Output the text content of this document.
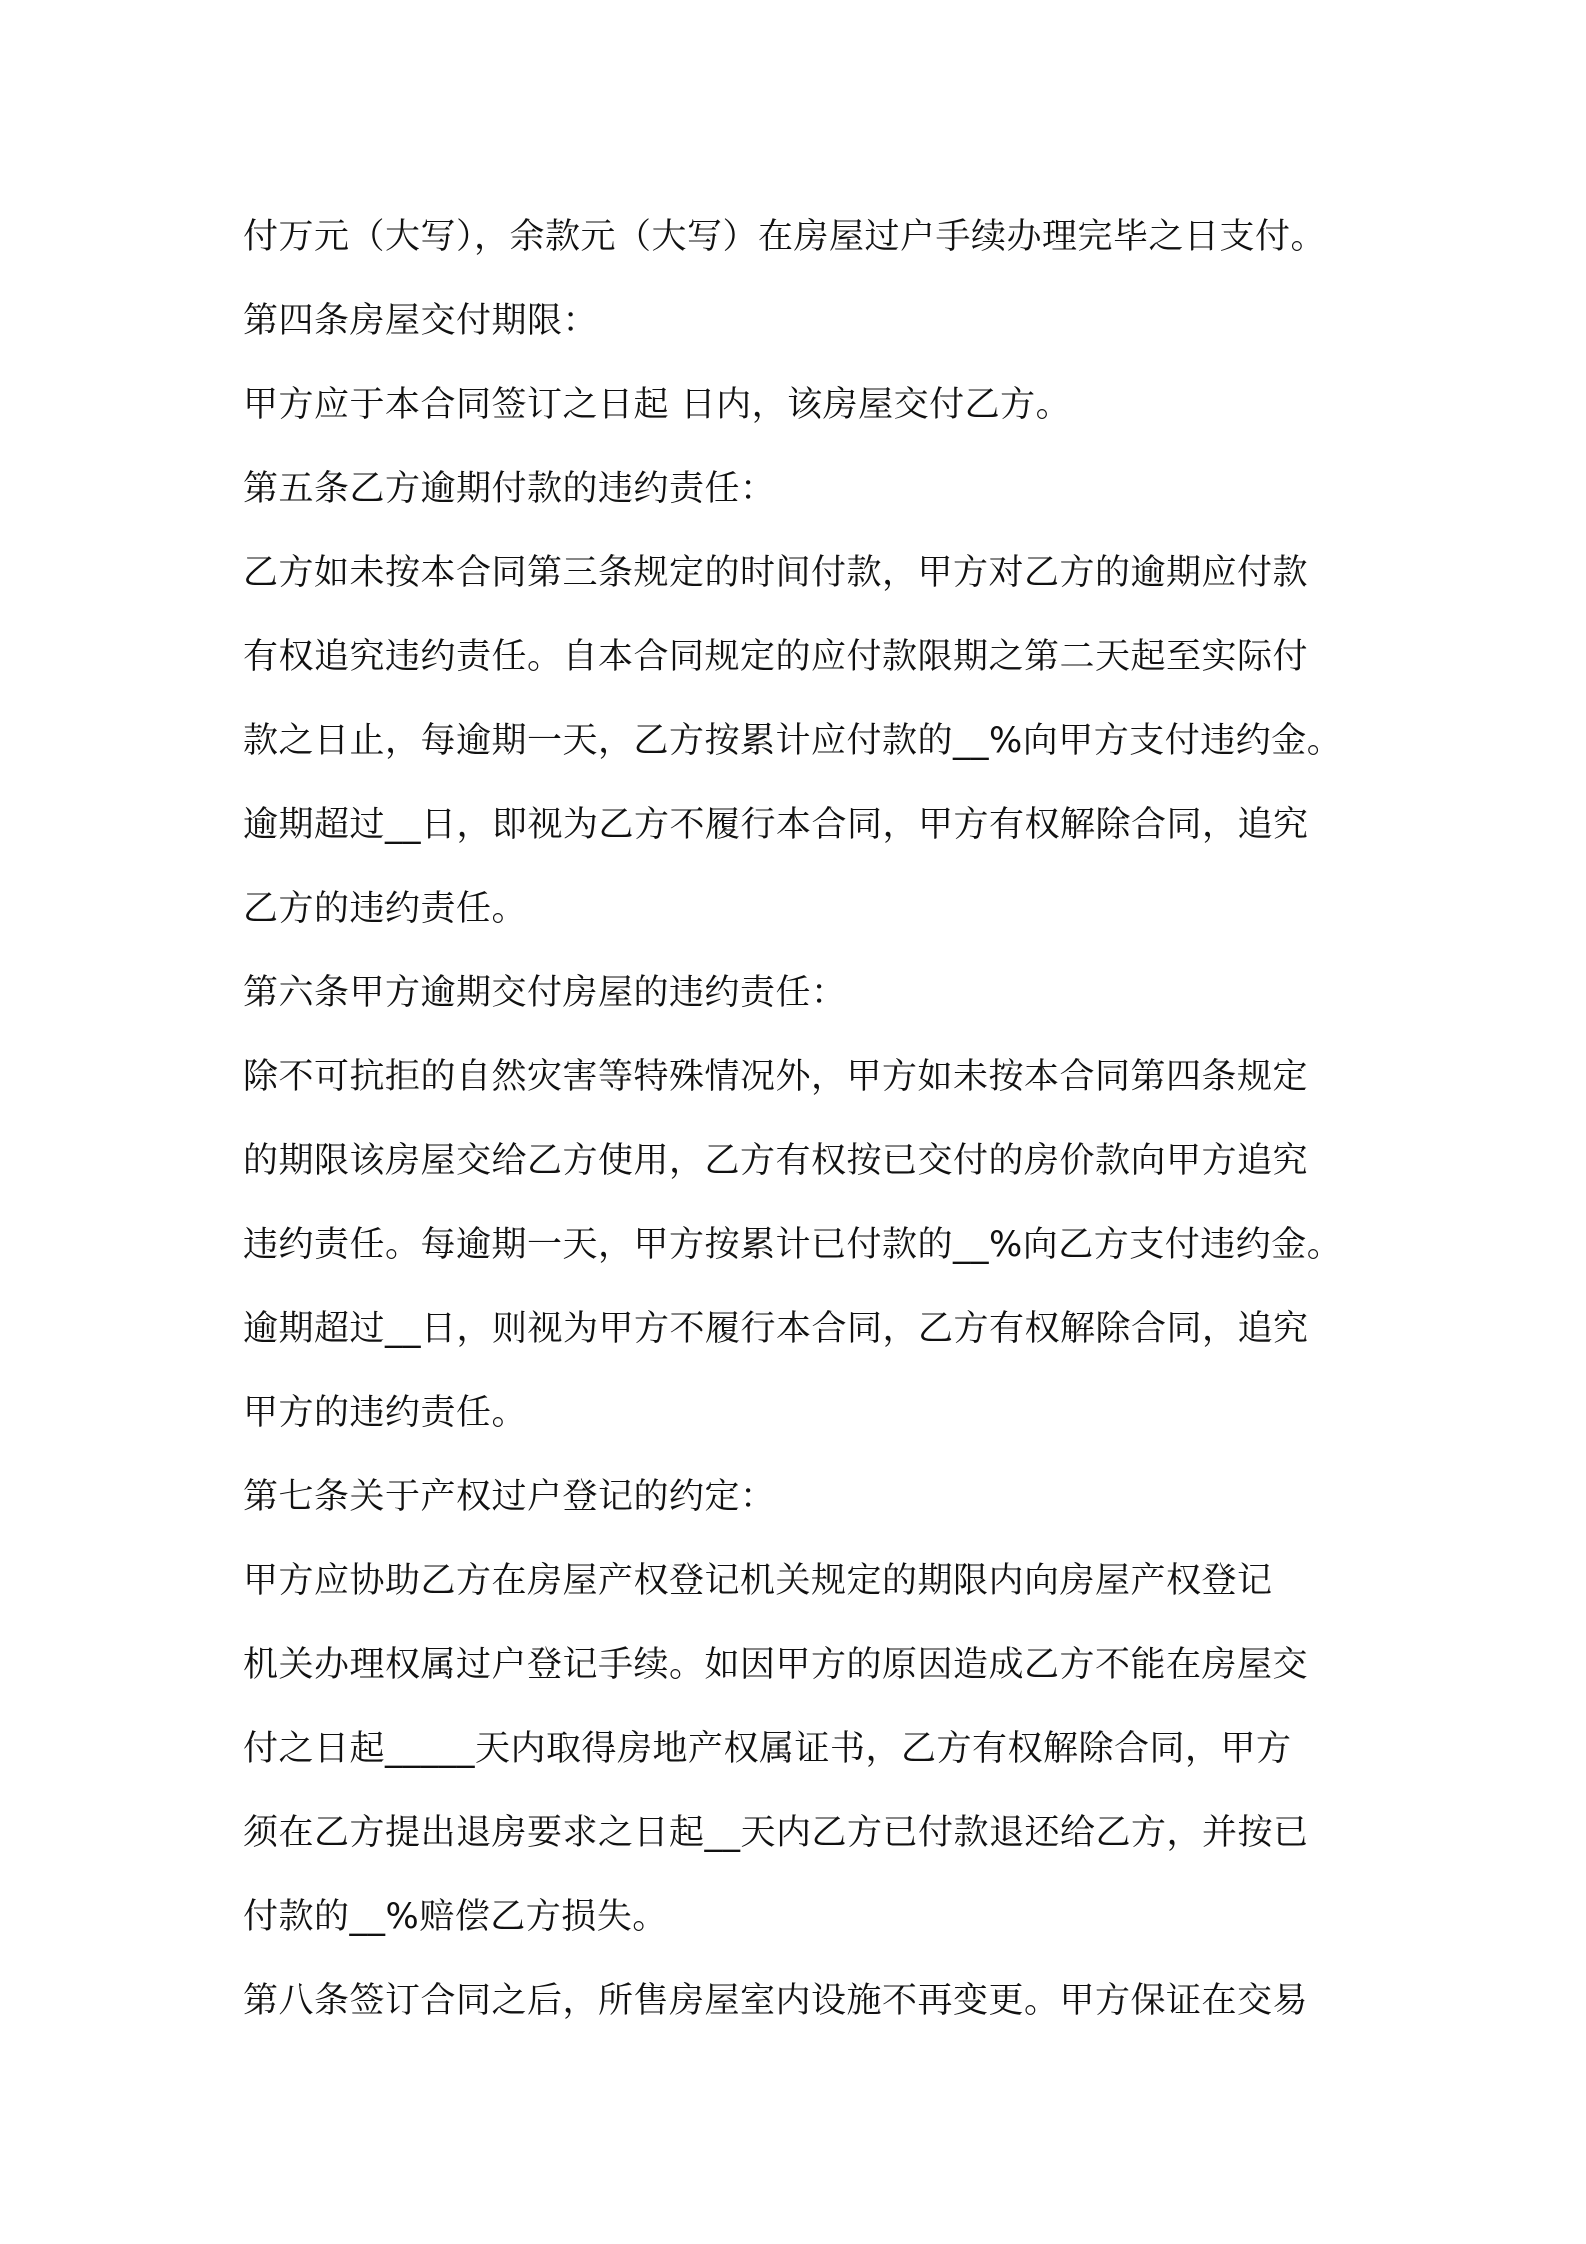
付万元（大写），余款元（大写）在房屋过户手续办理完毕之日支付。
第四条房屋交付期限：
甲方应于本合同签订之日起 日内，该房屋交付乙方。
第五条乙方逾期付款的违约责任：
乙方如未按本合同第三条规定的时间付款，甲方对乙方的逾期应付款
有权追究违约责任。自本合同规定的应付款限期之第二天起至实际付
款之日止，每逾期一天，乙方按累计应付款的__%向甲方支付违约金。
逾期超过__日，即视为乙方不履行本合同，甲方有权解除合同，追究
乙方的违约责任。
第六条甲方逾期交付房屋的违约责任：
除不可抗拒的自然灾害等特殊情况外，甲方如未按本合同第四条规定
的期限该房屋交给乙方使用，乙方有权按已交付的房价款向甲方追究
违约责任。每逾期一天，甲方按累计已付款的__%向乙方支付违约金。
逾期超过__日，则视为甲方不履行本合同，乙方有权解除合同，追究
甲方的违约责任。
第七条关于产权过户登记的约定：
甲方应协助乙方在房屋产权登记机关规定的期限内向房屋产权登记
机关办理权属过户登记手续。如因甲方的原因造成乙方不能在房屋交
付之日起_____天内取得房地产权属证书，乙方有权解除合同，甲方
须在乙方提出退房要求之日起__天内乙方已付款退还给乙方，并按已
付款的__%赔偿乙方损失。
第八条签订合同之后，所售房屋室内设施不再变更。甲方保证在交易
